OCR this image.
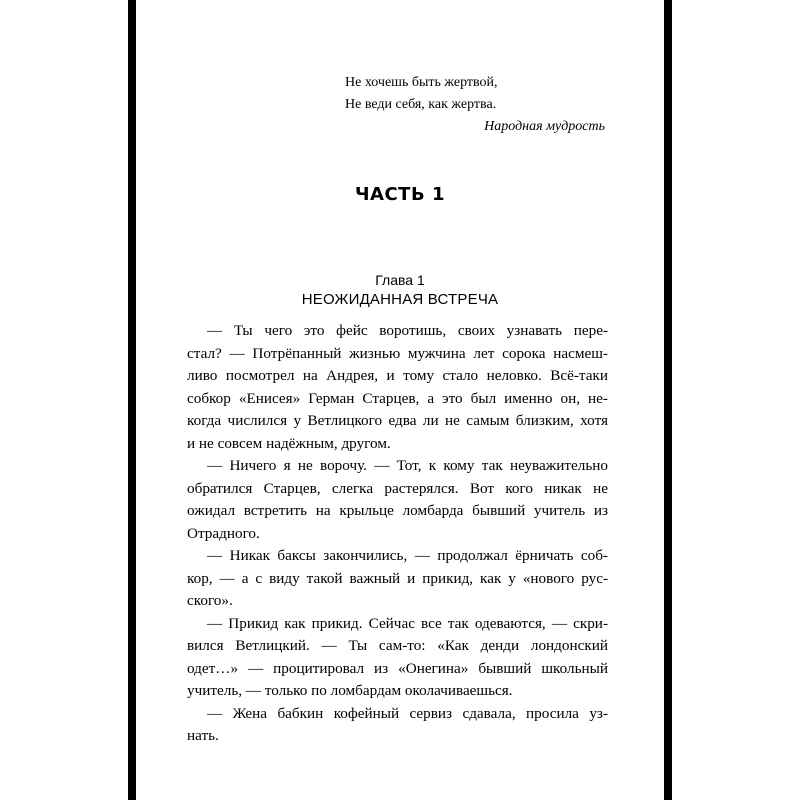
Не хочешь быть жертвой,
Не веди себя, как жертва.
Народная мудрость
ЧАСТЬ 1
Глава 1
НЕОЖИДАННАЯ ВСТРЕЧА
— Ты чего это фейс воротишь, своих узнавать пере-
стал? — Потрёпанный жизнью мужчина лет сорока насмеш-
ливо посмотрел на Андрея, и тому стало неловко. Всё-таки
собкор «Енисея» Герман Старцев, а это был именно он, не-
когда числился у Ветлицкого едва ли не самым близким, хотя
и не совсем надёжным, другом.
— Ничего я не ворочу. — Тот, к кому так неуважительно
обратился Старцев, слегка растерялся. Вот кого никак не
ожидал встретить на крыльце ломбарда бывший учитель из
Отрадного.
— Никак баксы закончились, — продолжал ёрничать соб-
кор, — а с виду такой важный и прикид, как у «нового рус-
ского».
— Прикид как прикид. Сейчас все так одеваются, — скри-
вился Ветлицкий. — Ты сам-то: «Как денди лондонский
одет…» — процитировал из «Онегина» бывший школьный
учитель, — только по ломбардам околачиваешься.
— Жена бабкин кофейный сервиз сдавала, просила уз-
нать.
